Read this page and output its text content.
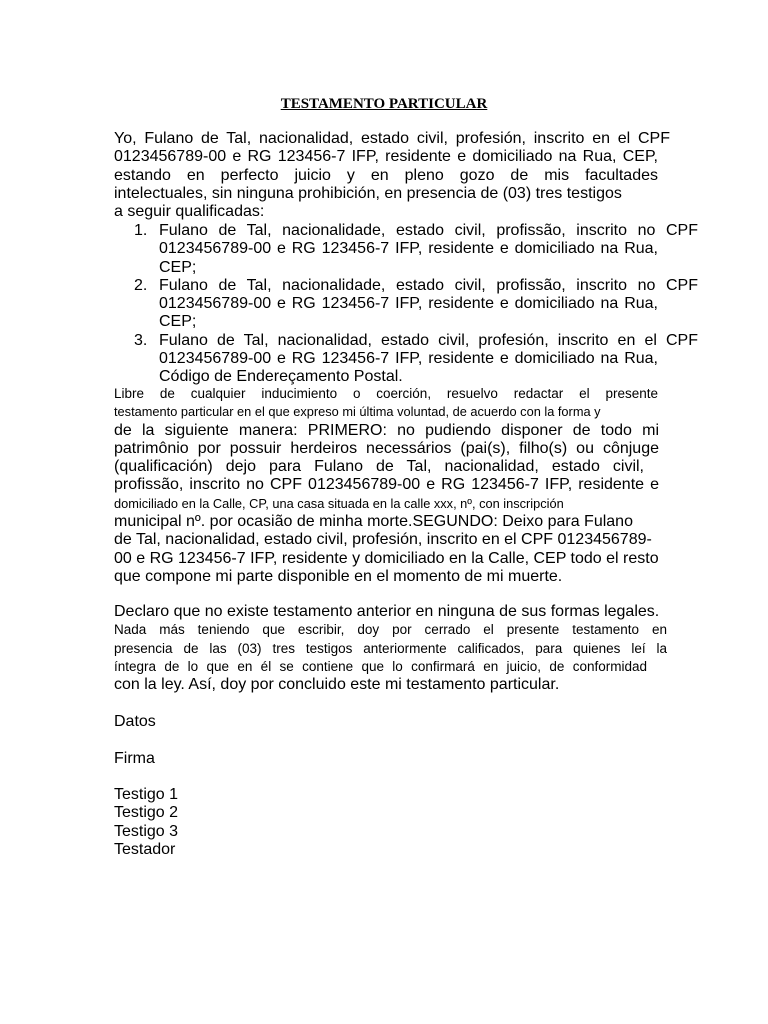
TESTAMENTO PARTICULAR
Yo, Fulano de Tal, nacionalidad, estado civil, profesión, inscrito en el CPF
0123456789-00 e RG 123456-7 IFP, residente e domiciliado na Rua, CEP,
estando en perfecto juicio y en pleno gozo de mis facultades
intelectuales, sin ninguna prohibición, en presencia de (03) tres testigos
a seguir qualificadas:
1. Fulano de Tal, nacionalidade, estado civil, profissão, inscrito no CPF
0123456789-00 e RG 123456-7 IFP, residente e domiciliado na Rua,
CEP;
2. Fulano de Tal, nacionalidade, estado civil, profissão, inscrito no CPF
0123456789-00 e RG 123456-7 IFP, residente e domiciliado na Rua,
CEP;
3. Fulano de Tal, nacionalidad, estado civil, profesión, inscrito en el CPF
0123456789-00 e RG 123456-7 IFP, residente e domiciliado na Rua,
Código de Endereçamento Postal.
Libre de cualquier inducimiento o coerción, resuelvo redactar el presente
testamento particular en el que expreso mi última voluntad, de acuerdo con la forma y
de la siguiente manera: PRIMERO: no pudiendo disponer de todo mi
patrimônio por possuir herdeiros necessários (pai(s), filho(s) ou cônjuge
(qualificación) dejo para Fulano de Tal, nacionalidad, estado civil,
profissão, inscrito no CPF 0123456789-00 e RG 123456-7 IFP, residente e
domiciliado en la Calle, CP, una casa situada en la calle xxx, nº, con inscripción
municipal nº. por ocasião de minha morte.SEGUNDO: Deixo para Fulano
de Tal, nacionalidad, estado civil, profesión, inscrito en el CPF 0123456789-
00 e RG 123456-7 IFP, residente y domiciliado en la Calle, CEP todo el resto
que compone mi parte disponible en el momento de mi muerte.
Declaro que no existe testamento anterior en ninguna de sus formas legales.
Nada más teniendo que escribir, doy por cerrado el presente testamento en
presencia de las (03) tres testigos anteriormente calificados, para quienes leí la
íntegra de lo que en él se contiene que lo confirmará en juicio, de conformidad
con la ley. Así, doy por concluido este mi testamento particular.
Datos
Firma
Testigo 1
Testigo 2
Testigo 3
Testador
